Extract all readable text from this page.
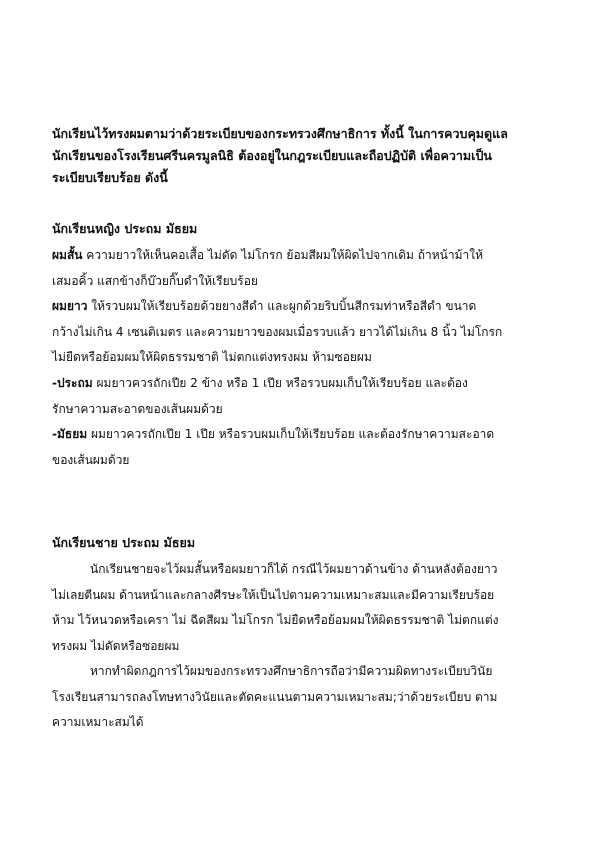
นักเรียนไว้ทรงผมตามว่าด้วยระเบียบของกระทรวงศึกษาธิการ ทั้งนี้ ในการควบคุมดูแล
นักเรียนของโรงเรียนศรีนครมูลนิธิ ต้องอยู่ในกฎระเบียบและถือปฏิบัติ เพื่อความเป็น
ระเบียบเรียบร้อย ดังนี้
นักเรียนหญิง ประถม มัธยม
ผมสั้น ความยาวให้เห็นคอเสื้อ ไม่ดัด ไม่โกรก ย้อมสีผมให้ผิดไปจากเดิม ถ้าหน้าม้าให้
เสมอคิ้ว แสกข้างก็บ๊วยกิ๊บดำให้เรียบร้อย
ผมยาว ให้รวบผมให้เรียบร้อยด้วยยางสีดำ และผูกด้วยริบบิ้นสีกรมท่าหรือสีดำ ขนาด
กว้างไม่เกิน 4 เซนติเมตร และความยาวของผมเมื่อรวบแล้ว ยาวได้ไม่เกิน 8 นิ้ว ไม่โกรก
ไม่ยืดหรือย้อมผมให้ผิดธรรมชาติ ไม่ตกแต่งทรงผม ห้ามซอยผม
-ประถม ผมยาวควรถักเปีย 2 ข้าง หรือ 1 เปีย หรือรวบผมเก็บให้เรียบร้อย และต้อง
รักษาความสะอาดของเส้นผมด้วย
-มัธยม ผมยาวควรถักเปีย 1 เปีย หรือรวบผมเก็บให้เรียบร้อย และต้องรักษาความสะอาด
ของเส้นผมด้วย
นักเรียนชาย ประถม มัธยม
นักเรียนชายจะไว้ผมสั้นหรือผมยาวก็ได้ กรณีไว้ผมยาวด้านข้าง ด้านหลังต้องยาว
ไม่เลยตีนผม ด้านหน้าและกลางศีรษะให้เป็นไปตามความเหมาะสมและมีความเรียบร้อย
ห้าม ไว้หนวดหรือเครา ไม่ ฉีดสีผม ไม่โกรก ไม่ยืดหรือย้อมผมให้ผิดธรรมชาติ ไม่ตกแต่ง
ทรงผม ไม่ดัดหรือซอยผม
หากทำผิดกฎการไว้ผมของกระทรวงศึกษาธิการถือว่ามีความผิดทางระเบียบวินัย
โรงเรียนสามารถลงโทษทางวินัยและตัดคะแนนตามความเหมาะสม;ว่าด้วยระเบียบ ตาม
ความเหมาะสมได้
